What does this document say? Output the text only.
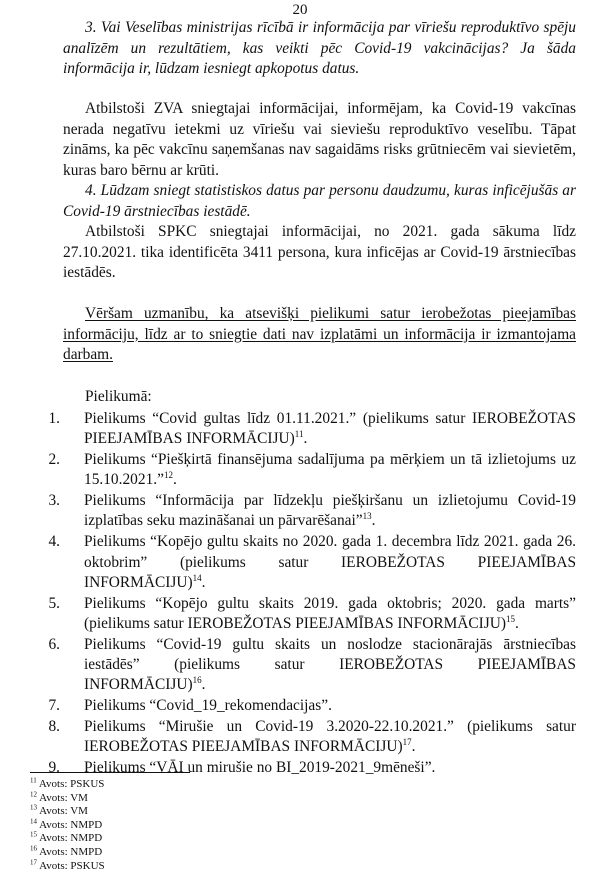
20
3. Vai Veselības ministrijas rīcībā ir informācija par vīriešu reproduktīvo spēju analīzēm un rezultātiem, kas veikti pēc Covid-19 vakcinācijas? Ja šāda informācija ir, lūdzam iesniegt apkopotus datus.
Atbilstoši ZVA sniegtajai informācijai, informējam, ka Covid-19 vakcīnas nerada negatīvu ietekmi uz vīriešu vai sieviešu reproduktīvo veselību. Tāpat zināms, ka pēc vakcīnu saņemšanas nav sagaidāms risks grūtniecēm vai sievietēm, kuras baro bērnu ar krūti.
4. Lūdzam sniegt statistiskos datus par personu daudzumu, kuras inficējušās ar Covid-19 ārstniecības iestādē.
Atbilstoši SPKC sniegtajai informācijai, no 2021. gada sākuma līdz 27.10.2021. tika identificēta 3411 persona, kura inficējas ar Covid-19 ārstniecības iestādēs.
Vēršam uzmanību, ka atsevišķi pielikumi satur ierobežotas pieejamības informāciju, līdz ar to sniegtie dati nav izplatāmi un informācija ir izmantojama darbam.
Pielikumā:
1. Pielikums “Covid gultas līdz 01.11.2021.” (pielikums satur IEROBEŽOTAS PIEEJAMĪBAS INFORMĀCIJU)$^{11}$.
2. Pielikums “Piešķirtā finansējuma sadalījuma pa mērķiem un tā izlietojums uz 15.10.2021.”$^{12}$.
3. Pielikums “Informācija par līdzekļu piešķiršanu un izlietojumu Covid-19 izplatības seku mazināšanai un pārvarēšanai”$^{13}$.
4. Pielikums “Kopējo gultu skaits no 2020. gada 1. decembra līdz 2021. gada 26. oktobrim” (pielikums satur IEROBEŽOTAS PIEEJAMĪBAS INFORMĀCIJU)$^{14}$.
5. Pielikums “Kopējo gultu skaits 2019. gada oktobris; 2020. gada marts” (pielikums satur IEROBEŽOTAS PIEEJAMĪBAS INFORMĀCIJU)$^{15}$.
6. Pielikums “Covid-19 gultu skaits un noslodze stacionārajās ārstniecības iestādēs” (pielikums satur IEROBEŽOTAS PIEEJAMĪBAS INFORMĀCIJU)$^{16}$.
7. Pielikums “Covid_19_rekomendacijas”.
8. Pielikums “Mirušie un Covid-19 3.2020-22.10.2021.” (pielikums satur IEROBEŽOTAS PIEEJAMĪBAS INFORMĀCIJU)$^{17}$.
9. Pielikums “VĀI un mirušie no BI_2019-2021_9mēneši”.
$^{11}$ Avots: PSKUS
$^{12}$ Avots: VM
$^{13}$ Avots: VM
$^{14}$ Avots: NMPD
$^{15}$ Avots: NMPD
$^{16}$ Avots: NMPD
$^{17}$ Avots: PSKUS
